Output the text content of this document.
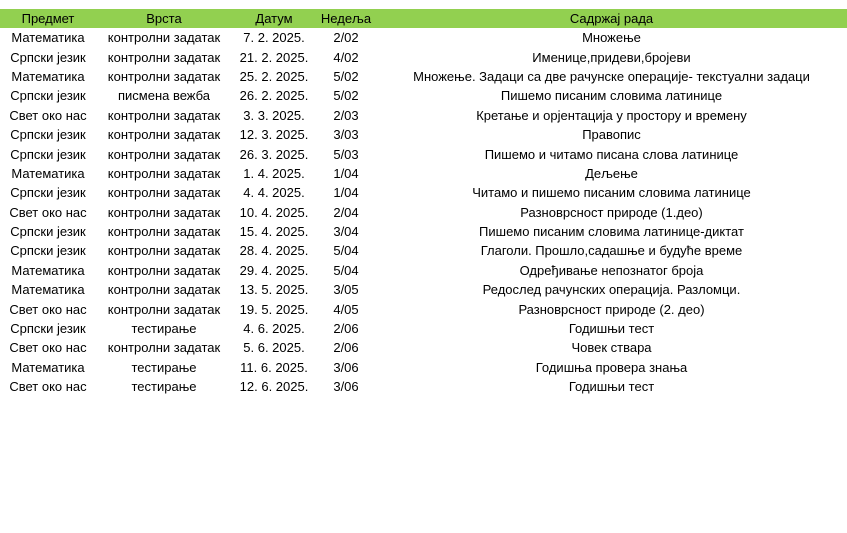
Предмет	Врста	Датум	Недеља	Садржај рада
Математика	контролни задатак	7. 2. 2025.	2/02	Множење
Српски језик	контролни задатак	21. 2. 2025.	4/02	Именице,придеви,бројеви
Математика	контролни задатак	25. 2. 2025.	5/02	Множење. Задаци са две рачунске операције- текстуални задаци
Српски језик	писмена вежба	26. 2. 2025.	5/02	Пишемо писаним словима латинице
Свет око нас	контролни задатак	3. 3. 2025.	2/03	Кретање и орјентација у простору и времену
Српски језик	контролни задатак	12. 3. 2025.	3/03	Правопис
Српски језик	контролни задатак	26. 3. 2025.	5/03	Пишемо и читамо писана слова латинице
Математика	контролни задатак	1. 4. 2025.	1/04	Дељење
Српски језик	контролни задатак	4. 4. 2025.	1/04	Читамо и пишемо писаним словима латинице
Свет око нас	контролни задатак	10. 4. 2025.	2/04	Разноврсност природе (1.део)
Српски језик	контролни задатак	15. 4. 2025.	3/04	Пишемо писаним словима латинице-диктат
Српски језик	контролни задатак	28. 4. 2025.	5/04	Глаголи. Прошло,садашње и будуће време
Математика	контролни задатак	29. 4. 2025.	5/04	Одређивање непознатог броја
Математика	контролни задатак	13. 5. 2025.	3/05	Редослед рачунских операција. Разломци.
Свет око нас	контролни задатак	19. 5. 2025.	4/05	Разноврсност природе (2. део)
Српски језик	тестирање	4. 6. 2025.	2/06	Годишњи тест
Свет око нас	контролни задатак	5. 6. 2025.	2/06	Човек ствара
Математика	тестирање	11. 6. 2025.	3/06	Годишња провера знања
Свет око нас	тестирање	12. 6. 2025.	3/06	Годишњи тест
